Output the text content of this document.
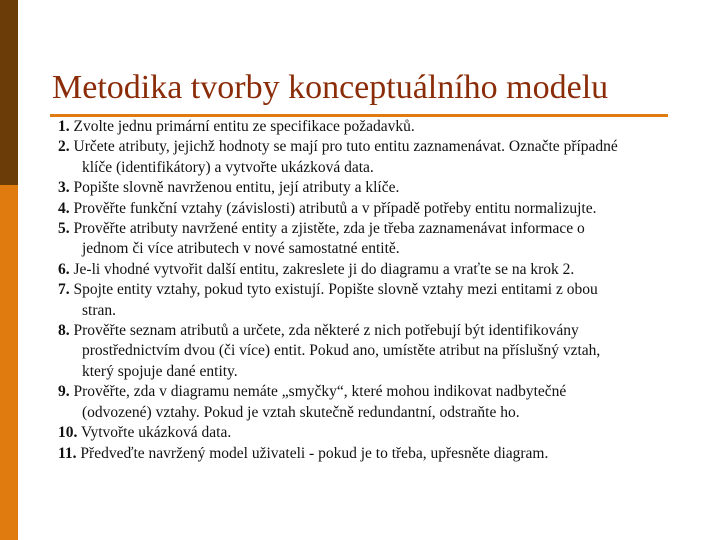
Metodika tvorby konceptuálního modelu
1. Zvolte jednu primární entitu ze specifikace požadavků.
2. Určete atributy, jejichž hodnoty se mají pro tuto entitu zaznamenávat. Označte případné
klíče (identifikátory) a vytvořte ukázková data.
3. Popište slovně navrženou entitu, její atributy a klíče.
4. Prověřte funkční vztahy (závislosti) atributů a v případě potřeby entitu normalizujte.
5. Prověřte atributy navržené entity a zjistěte, zda je třeba zaznamenávat informace o
jednom či více atributech v nové samostatné entitě.
6. Je-li vhodné vytvořit další entitu, zakreslete ji do diagramu a vraťte se na krok 2.
7. Spojte entity vztahy, pokud tyto existují. Popište slovně vztahy mezi entitami z obou
stran.
8. Prověřte seznam atributů a určete, zda některé z nich potřebují být identifikovány
prostřednictvím dvou (či více) entit. Pokud ano, umístěte atribut na příslušný vztah,
který spojuje dané entity.
9. Prověřte, zda v diagramu nemáte „smyčky“, které mohou indikovat nadbytečné
(odvozené) vztahy. Pokud je vztah skutečně redundantní, odstraňte ho.
10. Vytvořte ukázková data.
11. Předveďte navržený model uživateli - pokud je to třeba, upřesněte diagram.
